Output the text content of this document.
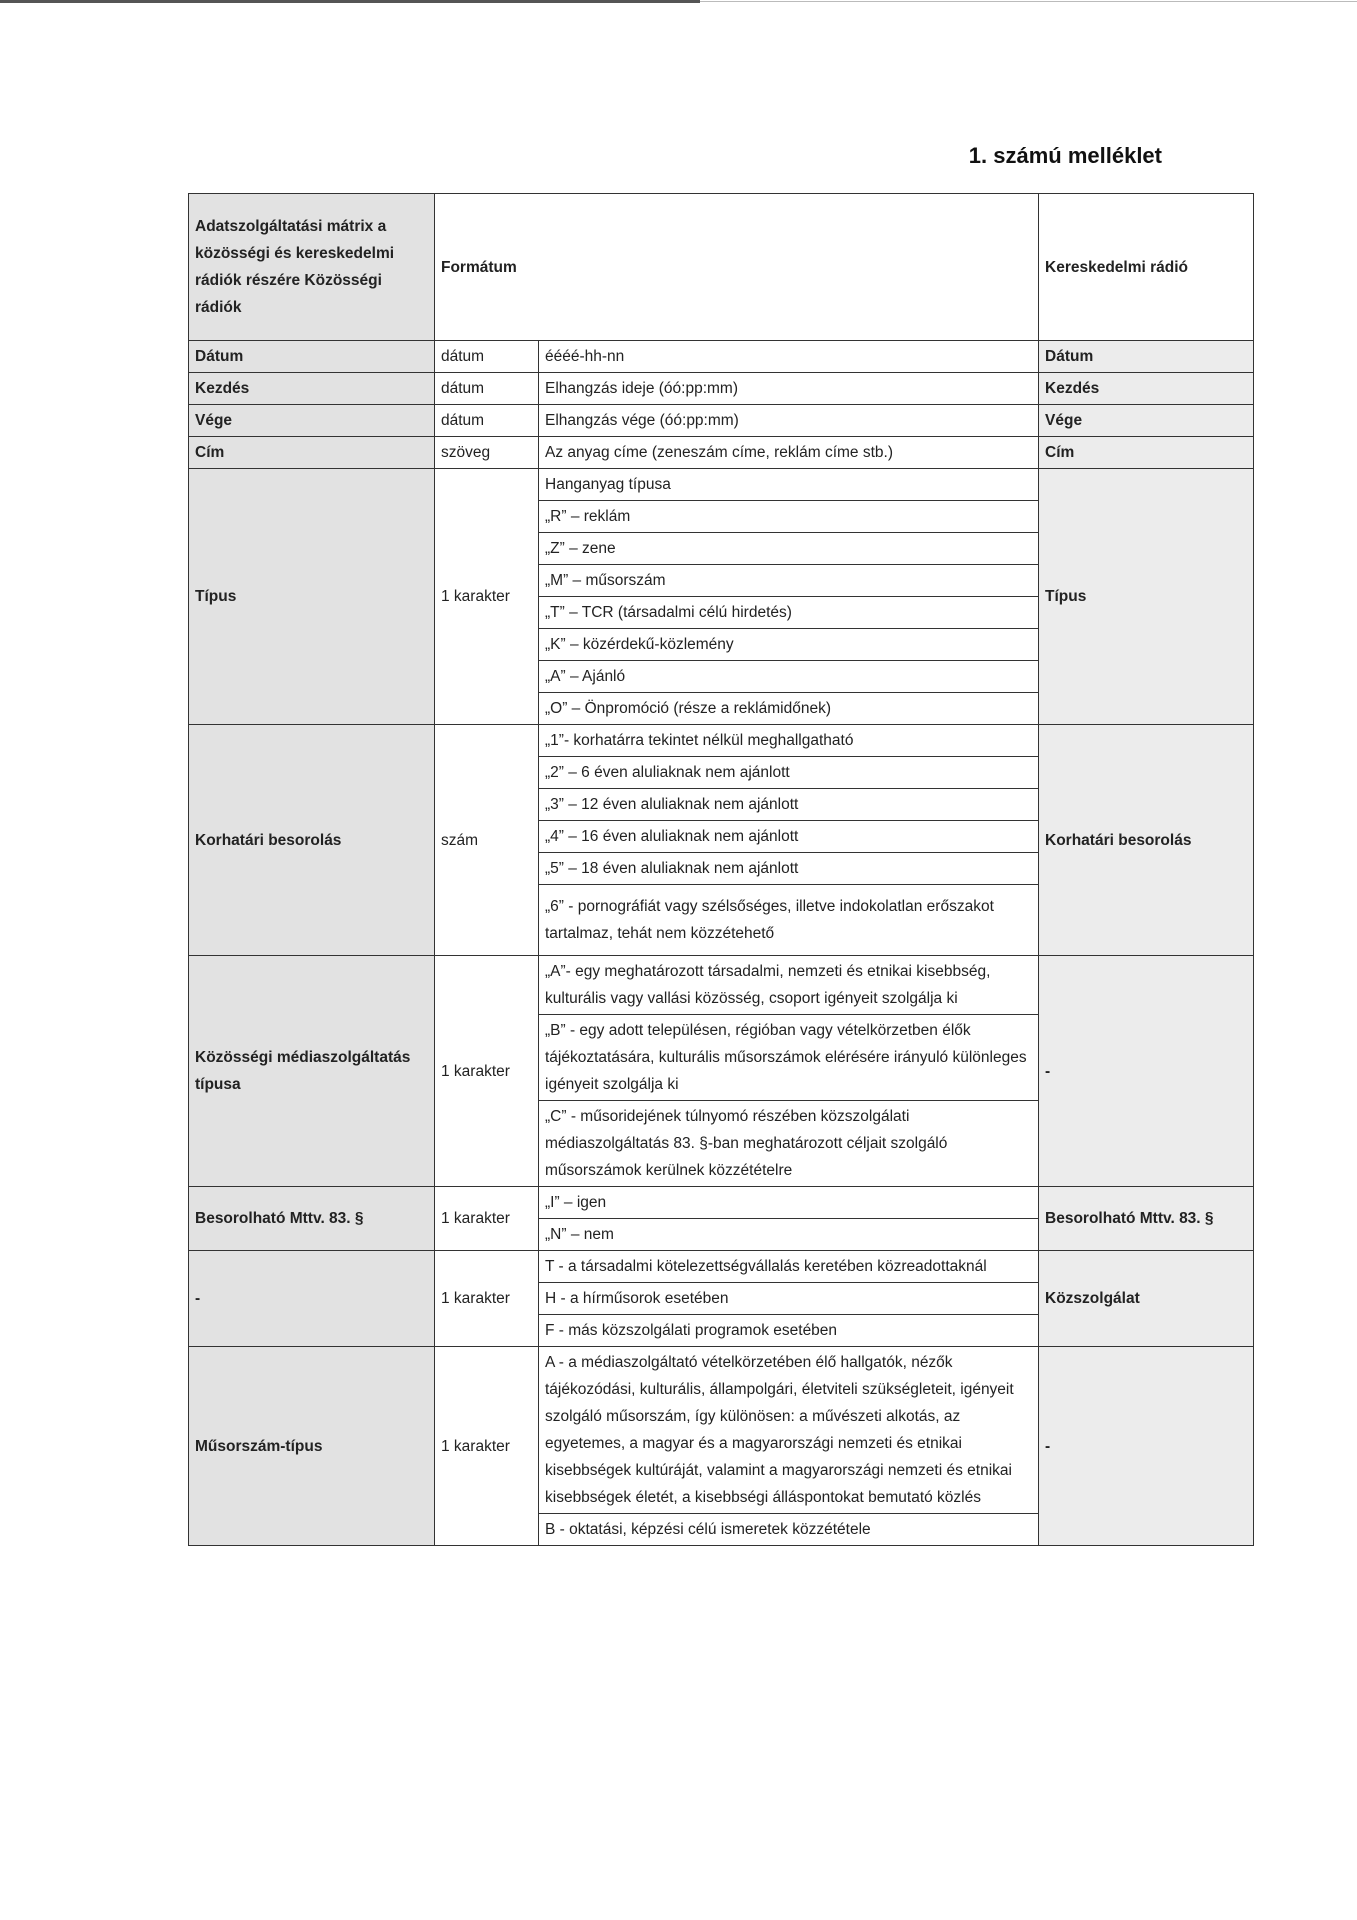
1. számú melléklet
Adatszolgáltatási mátrix a közösségi és kereskedelmi rádiók részére Közösségi rádiók	Formátum		Kereskedelmi rádió
Dátum	dátum	éééé-hh-nn	Dátum
Kezdés	dátum	Elhangzás ideje (óó:pp:mm)	Kezdés
Vége	dátum	Elhangzás vége (óó:pp:mm)	Vége
Cím	szöveg	Az anyag címe (zeneszám címe, reklám címe stb.)	Cím
Típus	1 karakter	Hanganyag típusa	Típus
		„R” – reklám	
		„Z” – zene	
		„M” – műsorszám	
		„T” – TCR (társadalmi célú hirdetés)	
		„K” – közérdekű-közlemény	
		„A” – Ajánló	
		„O” – Önpromóció (része a reklámidőnek)	
Korhatári besorolás	szám	„1”- korhatárra tekintet nélkül meghallgatható	Korhatári besorolás
		„2” – 6 éven aluliaknak nem ajánlott	
		„3” – 12 éven aluliaknak nem ajánlott	
		„4” – 16 éven aluliaknak nem ajánlott	
		„5” – 18 éven aluliaknak nem ajánlott	
		„6” - pornográfiát vagy szélsőséges, illetve indokolatlan erőszakot tartalmaz, tehát nem közzétehető	
Közösségi médiaszolgáltatás típusa	1 karakter	„A”- egy meghatározott társadalmi, nemzeti és etnikai kisebbség, kulturális vagy vallási közösség, csoport igényeit szolgálja ki	-
		„B” - egy adott településen, régióban vagy vételkörzetben élők tájékoztatására, kulturális műsorszámok elérésére irányuló különleges igényeit szolgálja ki	
		„C” - műsoridejének túlnyomó részében közszolgálati médiaszolgáltatás 83. §-ban meghatározott céljait szolgáló műsorszámok kerülnek közzétételre	
Besorolható Mttv. 83. §	1 karakter	„I” – igen	Besorolható Mttv. 83. §
		„N” – nem	
-	1 karakter	T - a társadalmi kötelezettségvállalás keretében közreadottaknál	Közszolgálat
		H - a hírműsorok esetében	
		F - más közszolgálati programok esetében	
Műsorszám-típus	1 karakter	A - a médiaszolgáltató vételkörzetében élő hallgatók, nézők tájékozódási, kulturális, állampolgári, életviteli szükségleteit, igényeit szolgáló műsorszám, így különösen: a művészeti alkotás, az egyetemes, a magyar és a magyarországi nemzeti és etnikai kisebbségek kultúráját, valamint a magyarországi nemzeti és etnikai kisebbségek életét, a kisebbségi álláspontokat bemutató közlés	-
		B - oktatási, képzési célú ismeretek közzététele	
